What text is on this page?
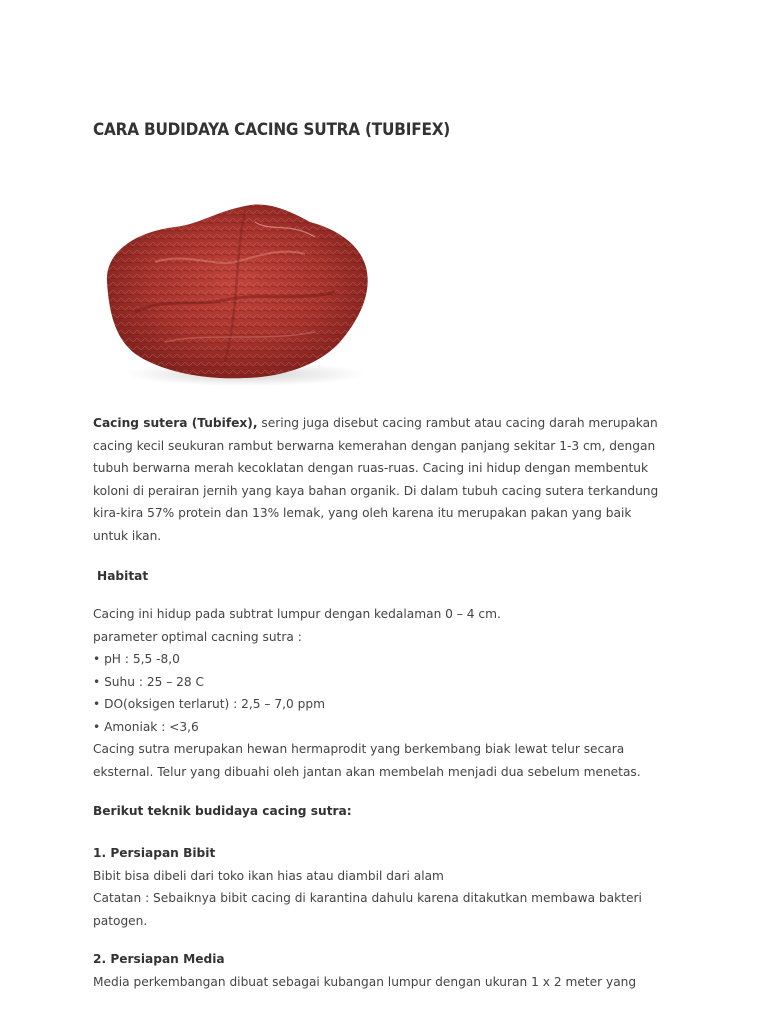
CARA BUDIDAYA CACING SUTRA (TUBIFEX)
Cacing sutera (Tubifex), sering juga disebut cacing rambut atau cacing darah merupakan
cacing kecil seukuran rambut berwarna kemerahan dengan panjang sekitar 1-3 cm, dengan
tubuh berwarna merah kecoklatan dengan ruas-ruas. Cacing ini hidup dengan membentuk
koloni di perairan jernih yang kaya bahan organik. Di dalam tubuh cacing sutera terkandung
kira-kira 57% protein dan 13% lemak, yang oleh karena itu merupakan pakan yang baik
untuk ikan.
Habitat
Cacing ini hidup pada subtrat lumpur dengan kedalaman 0 – 4 cm.
parameter optimal cacning sutra :
• pH : 5,5 -8,0
• Suhu : 25 – 28 C
• DO(oksigen terlarut) : 2,5 – 7,0 ppm
• Amoniak : <3,6
Cacing sutra merupakan hewan hermaprodit yang berkembang biak lewat telur secara
eksternal. Telur yang dibuahi oleh jantan akan membelah menjadi dua sebelum menetas.
Berikut teknik budidaya cacing sutra:
1. Persiapan Bibit
Bibit bisa dibeli dari toko ikan hias atau diambil dari alam
Catatan : Sebaiknya bibit cacing di karantina dahulu karena ditakutkan membawa bakteri
patogen.
2. Persiapan Media
Media perkembangan dibuat sebagai kubangan lumpur dengan ukuran 1 x 2 meter yang
